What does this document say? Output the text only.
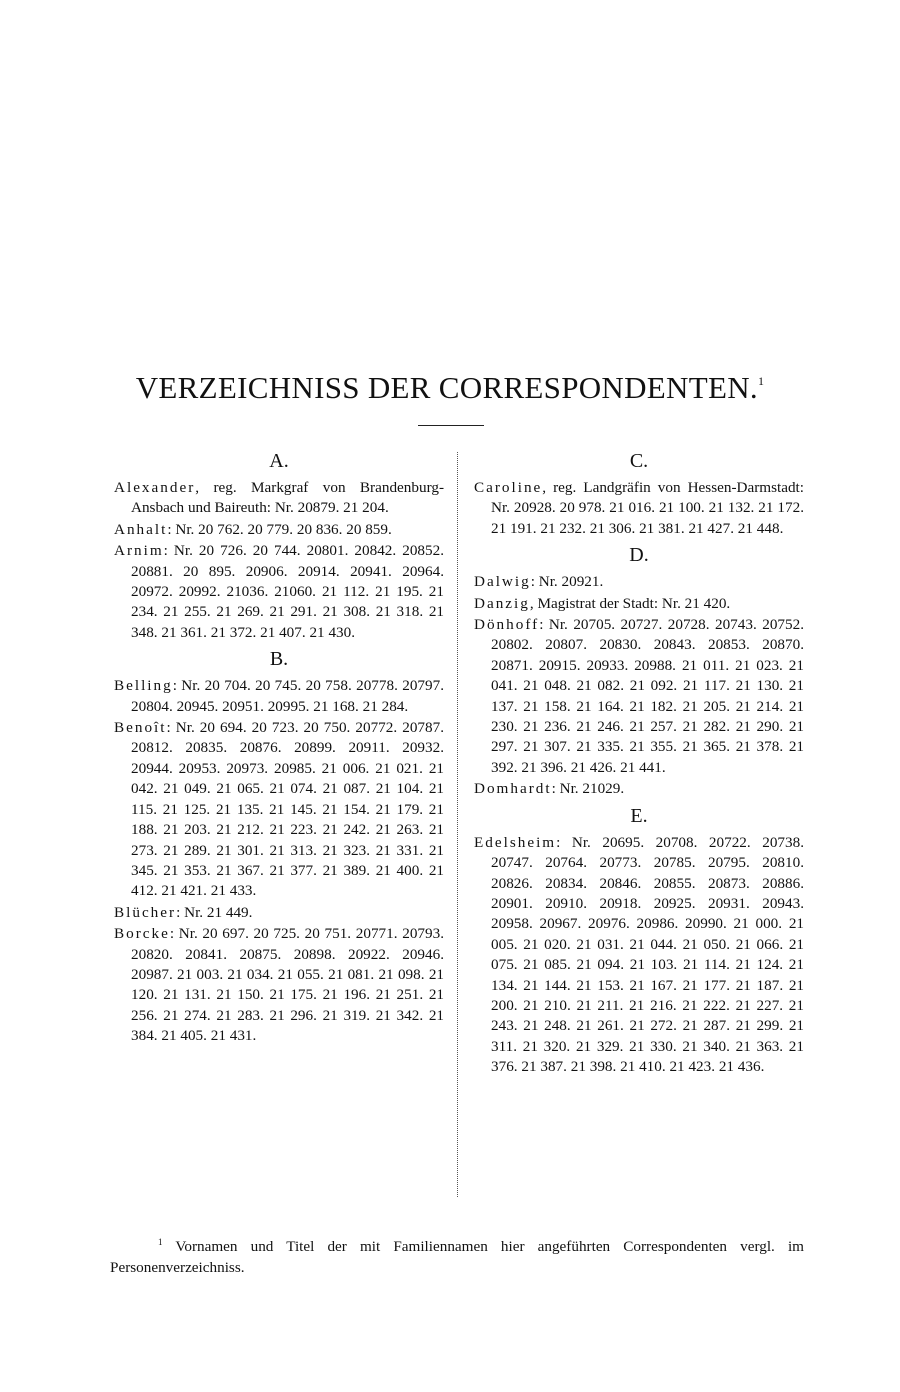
VERZEICHNISS DER CORRESPONDENTEN.$^1$
A.

Alexander, reg. Markgraf von Brandenburg-Ansbach und Baireuth: Nr. 20879. 21 204.

Anhalt: Nr. 20 762. 20 779. 20 836. 20 859.

Arnim: Nr. 20 726. 20 744. 20801. 20842. 20852. 20881. 20 895. 20906. 20914. 20941. 20964. 20972. 20992. 21036. 21060. 21 112. 21 195. 21 234. 21 255. 21 269. 21 291. 21 308. 21 318. 21 348. 21 361. 21 372. 21 407. 21 430.

B.

Belling: Nr. 20 704. 20 745. 20 758. 20778. 20797. 20804. 20945. 20951. 20995. 21 168. 21 284.

Benoît: Nr. 20 694. 20 723. 20 750. 20772. 20787. 20812. 20835. 20876. 20899. 20911. 20932. 20944. 20953. 20973. 20985. 21 006. 21 021. 21 042. 21 049. 21 065. 21 074. 21 087. 21 104. 21 115. 21 125. 21 135. 21 145. 21 154. 21 179. 21 188. 21 203. 21 212. 21 223. 21 242. 21 263. 21 273. 21 289. 21 301. 21 313. 21 323. 21 331. 21 345. 21 353. 21 367. 21 377. 21 389. 21 400. 21 412. 21 421. 21 433.

Blücher: Nr. 21 449.

Borcke: Nr. 20 697. 20 725. 20 751. 20771. 20793. 20820. 20841. 20875. 20898. 20922. 20946. 20987. 21 003. 21 034. 21 055. 21 081. 21 098. 21 120. 21 131. 21 150. 21 175. 21 196. 21 251. 21 256. 21 274. 21 283. 21 296. 21 319. 21 342. 21 384. 21 405. 21 431.

C.

Caroline, reg. Landgräfin von Hessen-Darmstadt: Nr. 20928. 20 978. 21 016. 21 100. 21 132. 21 172. 21 191. 21 232. 21 306. 21 381. 21 427. 21 448.

D.

Dalwig: Nr. 20921.

Danzig, Magistrat der Stadt: Nr. 21 420.

Dönhoff: Nr. 20705. 20727. 20728. 20743. 20752. 20802. 20807. 20830. 20843. 20853. 20870. 20871. 20915. 20933. 20988. 21 011. 21 023. 21 041. 21 048. 21 082. 21 092. 21 117. 21 130. 21 137. 21 158. 21 164. 21 182. 21 205. 21 214. 21 230. 21 236. 21 246. 21 257. 21 282. 21 290. 21 297. 21 307. 21 335. 21 355. 21 365. 21 378. 21 392. 21 396. 21 426. 21 441.

Domhardt: Nr. 21029.

E.

Edelsheim: Nr. 20695. 20708. 20722. 20738. 20747. 20764. 20773. 20785. 20795. 20810. 20826. 20834. 20846. 20855. 20873. 20886. 20901. 20910. 20918. 20925. 20931. 20943. 20958. 20967. 20976. 20986. 20990. 21 000. 21 005. 21 020. 21 031. 21 044. 21 050. 21 066. 21 075. 21 085. 21 094. 21 103. 21 114. 21 124. 21 134. 21 144. 21 153. 21 167. 21 177. 21 187. 21 200. 21 210. 21 211. 21 216. 21 222. 21 227. 21 243. 21 248. 21 261. 21 272. 21 287. 21 299. 21 311. 21 320. 21 329. 21 330. 21 340. 21 363. 21 376. 21 387. 21 398. 21 410. 21 423. 21 436.

$^1$ Vornamen und Titel der mit Familiennamen hier angeführten Correspondenten vergl. im Personenverzeichniss.
